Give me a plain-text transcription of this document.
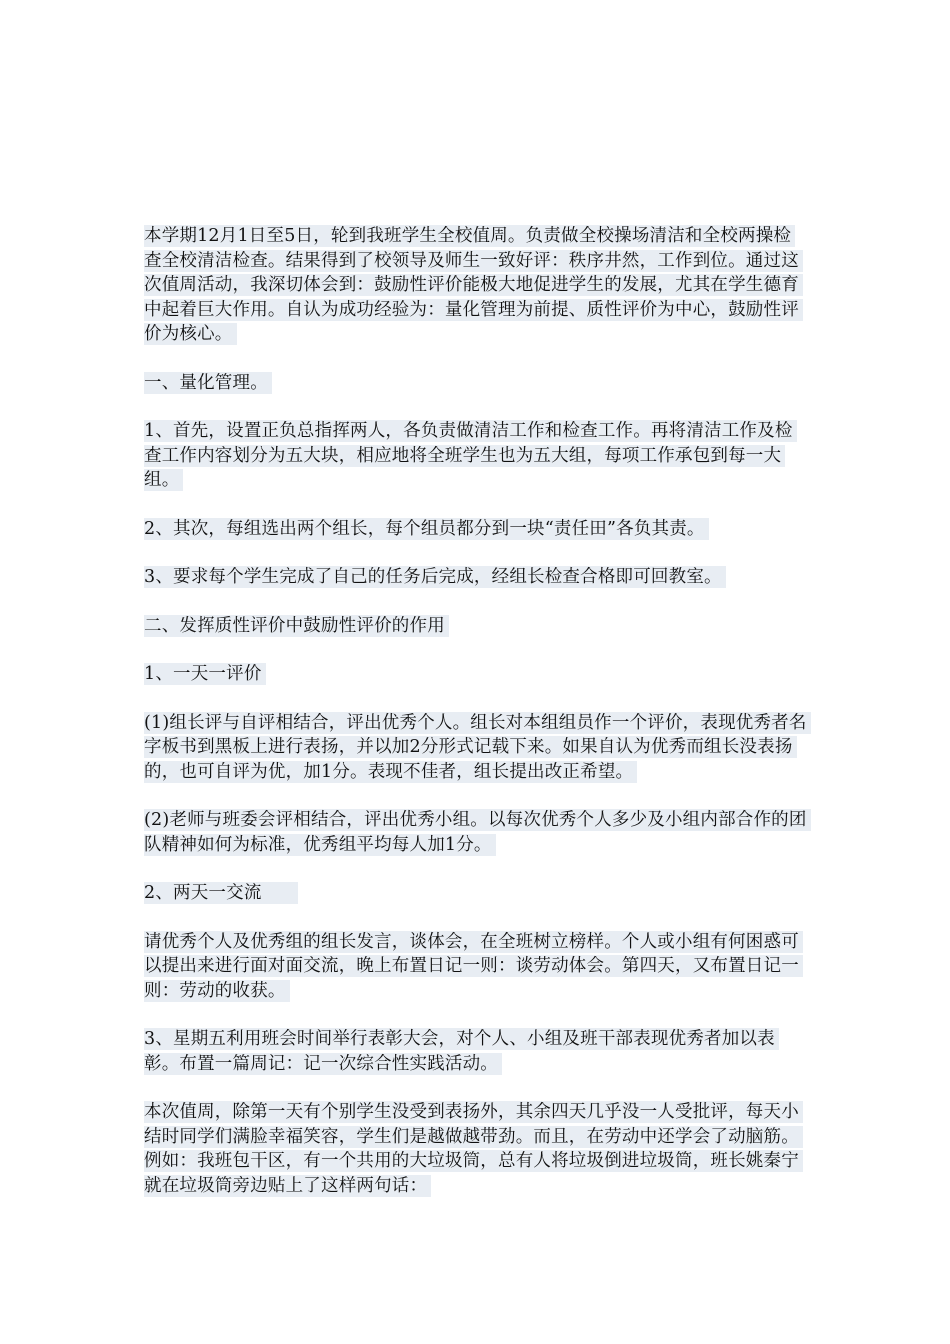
本学期12月1日至5日，轮到我班学生全校值周。负责做全校操场清洁和全校两操检查全校清洁检查。结果得到了校领导及师生一致好评：秩序井然，工作到位。通过这次值周活动，我深切体会到：鼓励性评价能极大地促进学生的发展，尤其在学生德育中起着巨大作用。自认为成功经验为：量化管理为前提、质性评价为中心，鼓励性评价为核心。

一、量化管理。

1、首先，设置正负总指挥两人，各负责做清洁工作和检查工作。再将清洁工作及检查工作内容划分为五大块，相应地将全班学生也为五大组，每项工作承包到每一大组。

2、其次，每组选出两个组长，每个组员都分到一块“责任田”各负其责。

3、要求每个学生完成了自己的任务后完成，经组长检查合格即可回教室。

二、发挥质性评价中鼓励性评价的作用

1、一天一评价

(1)组长评与自评相结合，评出优秀个人。组长对本组组员作一个评价，表现优秀者名字板书到黑板上进行表扬，并以加2分形式记载下来。如果自认为优秀而组长没表扬的，也可自评为优，加1分。表现不佳者，组长提出改正希望。

(2)老师与班委会评相结合，评出优秀小组。以每次优秀个人多少及小组内部合作的团队精神如何为标准，优秀组平均每人加1分。

2、两天一交流

请优秀个人及优秀组的组长发言，谈体会，在全班树立榜样。个人或小组有何困惑可以提出来进行面对面交流，晚上布置日记一则：谈劳动体会。第四天，又布置日记一则：劳动的收获。

3、星期五利用班会时间举行表彰大会，对个人、小组及班干部表现优秀者加以表彰。布置一篇周记：记一次综合性实践活动。

本次值周，除第一天有个别学生没受到表扬外，其余四天几乎没一人受批评，每天小结时同学们满脸幸福笑容，学生们是越做越带劲。而且，在劳动中还学会了动脑筋。例如：我班包干区，有一个共用的大垃圾筒，总有人将垃圾倒进垃圾筒，班长姚秦宁就在垃圾筒旁边贴上了这样两句话：
